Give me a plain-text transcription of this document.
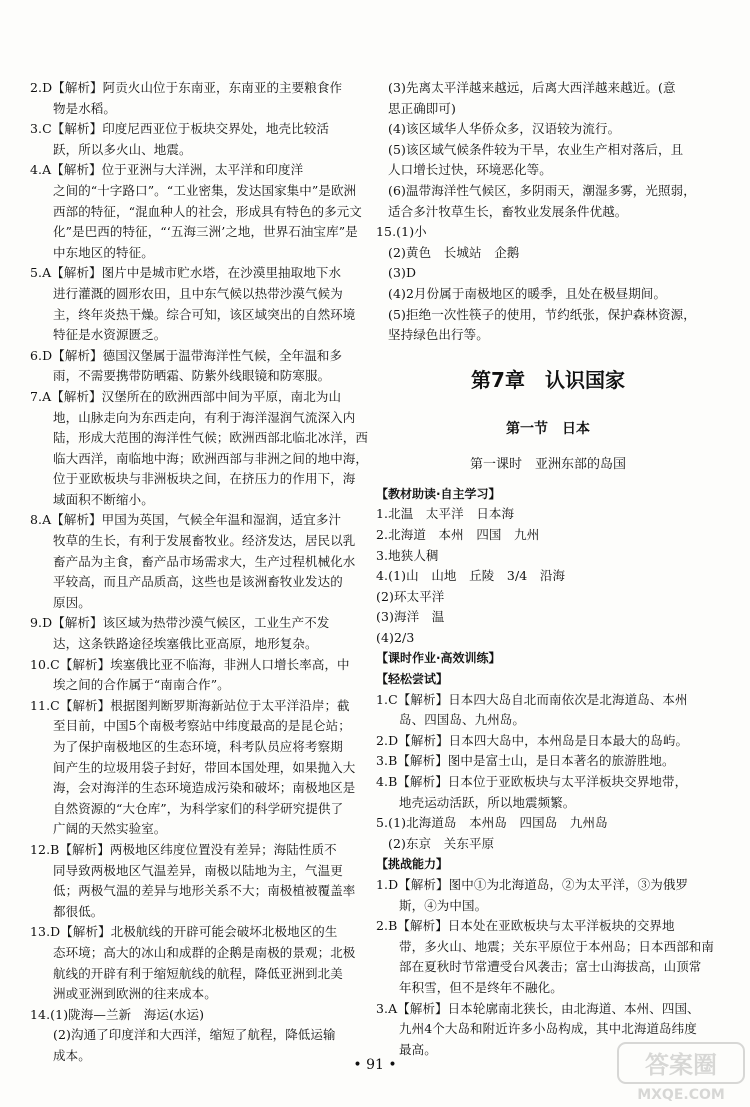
2.D【解析】阿贡火山位于东南亚，东南亚的主要粮食作
物是水稻。
3.C【解析】印度尼西亚位于板块交界处，地壳比较活
跃，所以多火山、地震。
4.A【解析】位于亚洲与大洋洲，太平洋和印度洋
之间的“十字路口”。“工业密集，发达国家集中”是欧洲
西部的特征，“混血种人的社会，形成具有特色的多元文
化”是巴西的特征，“‘五海三洲’之地，世界石油宝库”是
中东地区的特征。
5.A【解析】图片中是城市贮水塔，在沙漠里抽取地下水
进行灌溉的圆形农田，且中东气候以热带沙漠气候为
主，终年炎热干燥。综合可知，该区域突出的自然环境
特征是水资源匮乏。
6.D【解析】德国汉堡属于温带海洋性气候，全年温和多
雨，不需要携带防晒霜、防紫外线眼镜和防寒服。
7.A【解析】汉堡所在的欧洲西部中间为平原，南北为山
地，山脉走向为东西走向，有利于海洋湿润气流深入内
陆，形成大范围的海洋性气候；欧洲西部北临北冰洋，西
临大西洋，南临地中海；欧洲西部与非洲之间的地中海，
位于亚欧板块与非洲板块之间，在挤压力的作用下，海
域面积不断缩小。
8.A【解析】甲国为英国，气候全年温和湿润，适宜多汁
牧草的生长，有利于发展畜牧业。经济发达，居民以乳
畜产品为主食，畜产品市场需求大，生产过程机械化水
平较高，而且产品质高，这些也是该洲畜牧业发达的
原因。
9.D【解析】该区域为热带沙漠气候区，工业生产不发
达，这条铁路途径埃塞俄比亚高原，地形复杂。
10.C【解析】埃塞俄比亚不临海，非洲人口增长率高，中
埃之间的合作属于“南南合作”。
11.C【解析】根据图判断罗斯海新站位于太平洋沿岸；截
至目前，中国5个南极考察站中纬度最高的是昆仑站；
为了保护南极地区的生态环境，科考队员应将考察期
间产生的垃圾用袋子封好，带回本国处理，如果抛入大
海，会对海洋的生态环境造成污染和破坏；南极地区是
自然资源的“大仓库”，为科学家们的科学研究提供了
广阔的天然实验室。
12.B【解析】两极地区纬度位置没有差异；海陆性质不
同导致两极地区气温差异，南极以陆地为主，气温更
低；两极气温的差异与地形关系不大；南极植被覆盖率
都很低。
13.D【解析】北极航线的开辟可能会破坏北极地区的生
态环境；高大的冰山和成群的企鹅是南极的景观；北极
航线的开辟有利于缩短航线的航程，降低亚洲到北美
洲或亚洲到欧洲的往来成本。
14.(1)陇海—兰新　海运(水运)
(2)沟通了印度洋和大西洋，缩短了航程，降低运输
成本。
(3)先离太平洋越来越远，后离大西洋越来越近。(意
思正确即可)
(4)该区域华人华侨众多，汉语较为流行。
(5)该区域气候条件较为干旱，农业生产相对落后，且
人口增长过快，环境恶化等。
(6)温带海洋性气候区，多阴雨天，潮湿多雾，光照弱，
适合多汁牧草生长，畜牧业发展条件优越。
15.(1)小
(2)黄色　长城站　企鹅
(3)D
(4)2月份属于南极地区的暖季，且处在极昼期间。
(5)拒绝一次性筷子的使用，节约纸张，保护森林资源，
坚持绿色出行等。
第7章　认识国家
第一节　日本
第一课时　亚洲东部的岛国
【教材助读·自主学习】
1.北温　太平洋　日本海
2.北海道　本州　四国　九州
3.地狭人稠
4.(1)山　山地　丘陵　3/4　沿海
(2)环太平洋
(3)海洋　温
(4)2/3
【课时作业·高效训练】
【轻松尝试】
1.C【解析】日本四大岛自北而南依次是北海道岛、本州
岛、四国岛、九州岛。
2.D【解析】日本四大岛中，本州岛是日本最大的岛屿。
3.B【解析】图中是富士山，是日本著名的旅游胜地。
4.B【解析】日本位于亚欧板块与太平洋板块交界地带，
地壳运动活跃，所以地震频繁。
5.(1)北海道岛　本州岛　四国岛　九州岛
(2)东京　关东平原
【挑战能力】
1.D【解析】图中①为北海道岛，②为太平洋，③为俄罗
斯，④为中国。
2.B【解析】日本处在亚欧板块与太平洋板块的交界地
带，多火山、地震；关东平原位于本州岛；日本西部和南
部在夏秋时节常遭受台风袭击；富士山海拔高，山顶常
年积雪，但不是终年不融化。
3.A【解析】日本轮廓南北狭长，由北海道、本州、四国、
九州4个大岛和附近许多小岛构成，其中北海道岛纬度
最高。
• 91 •	答案圈
MXQE.COM
